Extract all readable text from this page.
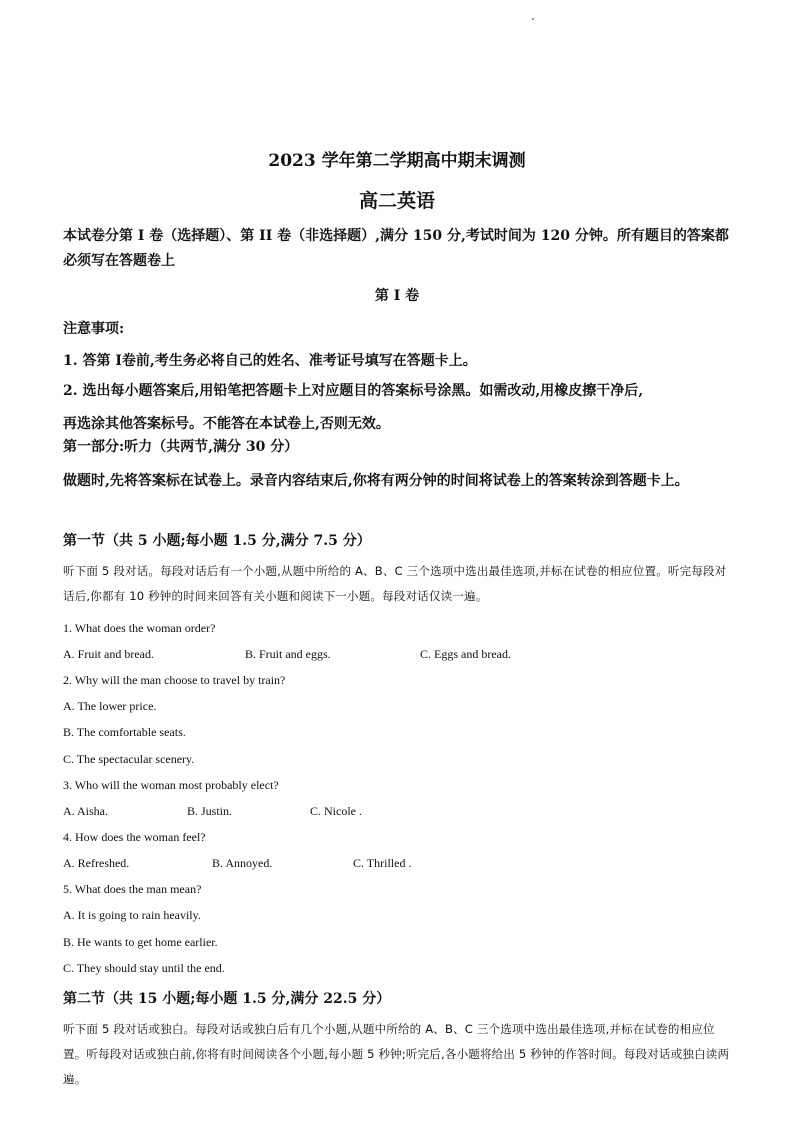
2023 学年第二学期高中期末调测
高二英语
本试卷分第 I 卷（选择题）、第 II 卷（非选择题）,满分 150 分,考试时间为 120 分钟。所有题目的答案都必须写在答题卷上
第 I 卷
注意事项:
1. 答第 Ⅰ卷前,考生务必将自己的姓名、准考证号填写在答题卡上。
2. 选出每小题答案后,用铅笔把答题卡上对应题目的答案标号涂黑。如需改动,用橡皮擦干净后,
再选涂其他答案标号。不能答在本试卷上,否则无效。
第一部分:听力（共两节,满分 30 分）
做题时,先将答案标在试卷上。录音内容结束后,你将有两分钟的时间将试卷上的答案转涂到答题卡上。
第一节（共 5 小题;每小题 1.5 分,满分 7.5 分）
听下面 5 段对话。每段对话后有一个小题,从题中所给的 A、B、C 三个选项中选出最佳选项,并标在试卷的相应位置。听完每段对话后,你都有 10 秒钟的时间来回答有关小题和阅读下一小题。每段对话仅读一遍。
1. What does the woman order?
A. Fruit and bread.	B. Fruit and eggs.	C. Eggs and bread.
2. Why will the man choose to travel by train?
A. The lower price.
B. The comfortable seats.
C. The spectacular scenery.
3. Who will the woman most probably elect?
A. Aisha.	B. Justin.	C. Nicole .
4. How does the woman feel?
A. Refreshed.	B. Annoyed.	C. Thrilled .
5. What does the man mean?
A. It is going to rain heavily.
B. He wants to get home earlier.
C. They should stay until the end.
第二节（共 15 小题;每小题 1.5 分,满分 22.5 分）
听下面 5 段对话或独白。每段对话或独白后有几个小题,从题中所给的 A、B、C 三个选项中选出最佳选项,并标在试卷的相应位置。听每段对话或独白前,你将有时间阅读各个小题,每小题 5 秒钟;听完后,各小题将给出 5 秒钟的作答时间。每段对话或独白读两遍。
